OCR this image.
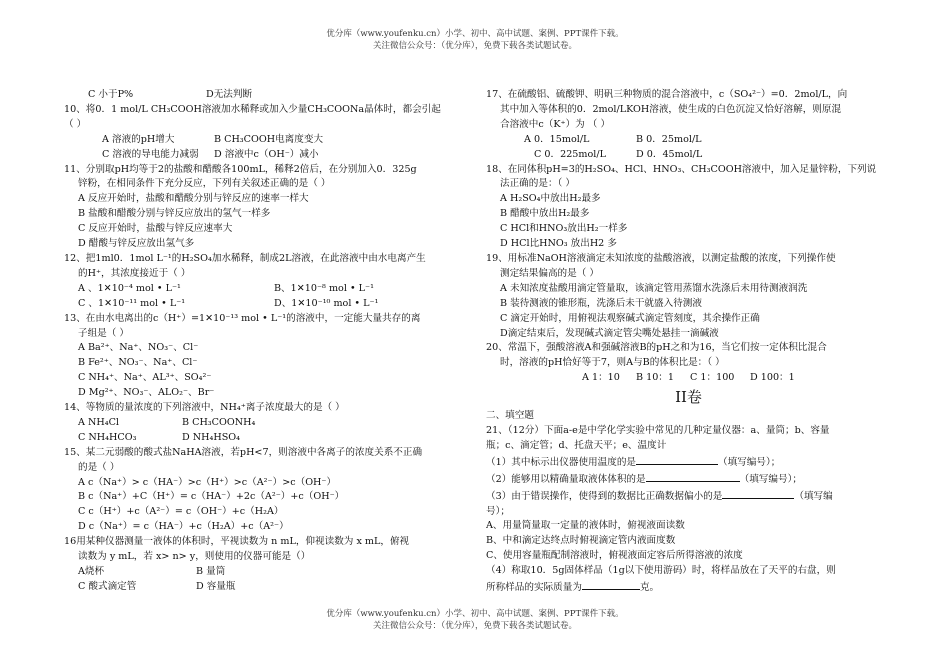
优分库（www.youfenku.cn）小学、初中、高中试题、案例、PPT课件下载。
关注微信公众号：（优分库），免费下载各类试题试卷。
C 小于P%	D无法判断
10、将0．1 mol/L CH₃COOH溶液加水稀释或加入少量CH₃COONa晶体时，都会引起
（ ）
A 溶液的pH增大	B CH₃COOH电离度变大
C 溶液的导电能力减弱 D 溶液中c（OH⁻）减小
11、分别取pH均等于2的盐酸和醋酸各100mL，稀释2倍后，在分别加入0．325g
锌粉，在相同条件下充分反应，下列有关叙述正确的是（ ）
A 反应开始时，盐酸和醋酸分别与锌反应的速率一样大
B 盐酸和醋酸分别与锌反应放出的氢气一样多
C 反应开始时，盐酸与锌反应速率大
D 醋酸与锌反应放出氢气多
12、把1ml0．1mol L⁻¹的H₂SO₄加水稀释，制成2L溶液，在此溶液中由水电离产生
的H⁺，其浓度接近于（ ）
A 、1✕10⁻⁴ mol • L⁻¹	B、1✕10⁻⁸ mol • L⁻¹
C 、1✕10⁻¹¹ mol • L⁻¹	D、1✕10⁻¹⁰ mol • L⁻¹
13、在由水电离出的c（H⁺）=1✕10⁻¹³ mol • L⁻¹的溶液中，一定能大量共存的离
子组是（ ）
A Ba²⁺、Na⁺、NO₃⁻、Cl⁻
B Fe²⁺、NO₃⁻、Na⁺、Cl⁻
C NH₄⁺、Na⁺、AL³⁺、SO₄²⁻
D Mg²⁺、NO₃⁻、ALO₂⁻、Br⁻
14、等物质的量浓度的下列溶液中，NH₄⁺离子浓度最大的是（ ）
A NH₄Cl	B CH₃COONH₄
C NH₄HCO₃	D NH₄HSO₄
15、某二元弱酸的酸式盐NaHA溶液，若pH<7，则溶液中各离子的浓度关系不正确
的是（ ）
A c（Na⁺）> c（HA⁻）>c（H⁺）>c（A²⁻）>c（OH⁻）
B c（Na⁺）+C（H⁺）= c（HA⁻）+2c（A²⁻）+c（OH⁻）
C c（H⁺）+c（A²⁻）= c（OH⁻）+c（H₂A）
D c（Na⁺）= c（HA⁻）+c（H₂A）+c（A²⁻）
16用某种仪器测量一液体的体积时，平视读数为 n mL，仰视读数为 x mL，俯视
读数为 y mL，若 x> n> y，则使用的仪器可能是（）
A烧杯	B 量筒
C 酸式滴定管	D 容量瓶
17、在硫酸铝、硫酸钾、明矾三种物质的混合溶液中，c（SO₄²⁻）=0．2mol/L，向
其中加入等体积的0．2mol/LKOH溶液，使生成的白色沉淀又恰好溶解，则原混
合溶液中c（K⁺）为 （ ）
A 0．15mol/L	B 0．25mol/L
C 0．225mol/L	D 0．45mol/L
18、在同体积pH=3的H₂SO₄、HCl、HNO₃、CH₃COOH溶液中，加入足量锌粉，下列说
法正确的是：（ ）
A H₂SO₄中放出H₂最多
B 醋酸中放出H₂最多
C HCl和HNO₃放出H₂一样多
D HCl比HNO₃ 放出H2 多
19、用标准NaOH溶液滴定未知浓度的盐酸溶液，以测定盐酸的浓度，下列操作使
测定结果偏高的是（ ）
A 未知浓度盐酸用滴定管量取，该滴定管用蒸馏水洗涤后未用待测液润洗
B 装待测液的锥形瓶，洗涤后未干就盛入待测液
C 滴定开始时，用俯视法观察碱式滴定管刻度，其余操作正确
D滴定结束后，发现碱式滴定管尖嘴处悬挂一滴碱液
20、常温下，强酸溶液A和强碱溶液B的pH之和为16，当它们按一定体积比混合
时，溶液的pH恰好等于7，则A与B的体积比是：（ ）
A 1：10 B 10：1 C 1：100 D 100：1
II卷
二、填空题
21、（12分）下面a-e是中学化学实验中常见的几种定量仪器：a、量筒；b、容量
瓶；c、滴定管；d、托盘天平；e、温度计
（1）其中标示出仪器使用温度的是	（填写编号）；
（2）能够用以精确量取液体体积的是	（填写编号）；
（3）由于错误操作，使得到的数据比正确数据偏小的是	（填写编
号）；
A、用量筒量取一定量的液体时，俯视液面读数
B、中和滴定达终点时俯视滴定管内液面度数
C、使用容量瓶配制溶液时，俯视液面定容后所得溶液的浓度
（4）称取10．5g固体样品（1g以下使用游码）时，将样品放在了天平的右盘，则
所称样品的实际质量为	克。
优分库（www.youfenku.cn）小学、初中、高中试题、案例、PPT课件下载。
关注微信公众号：（优分库），免费下载各类试题试卷。
